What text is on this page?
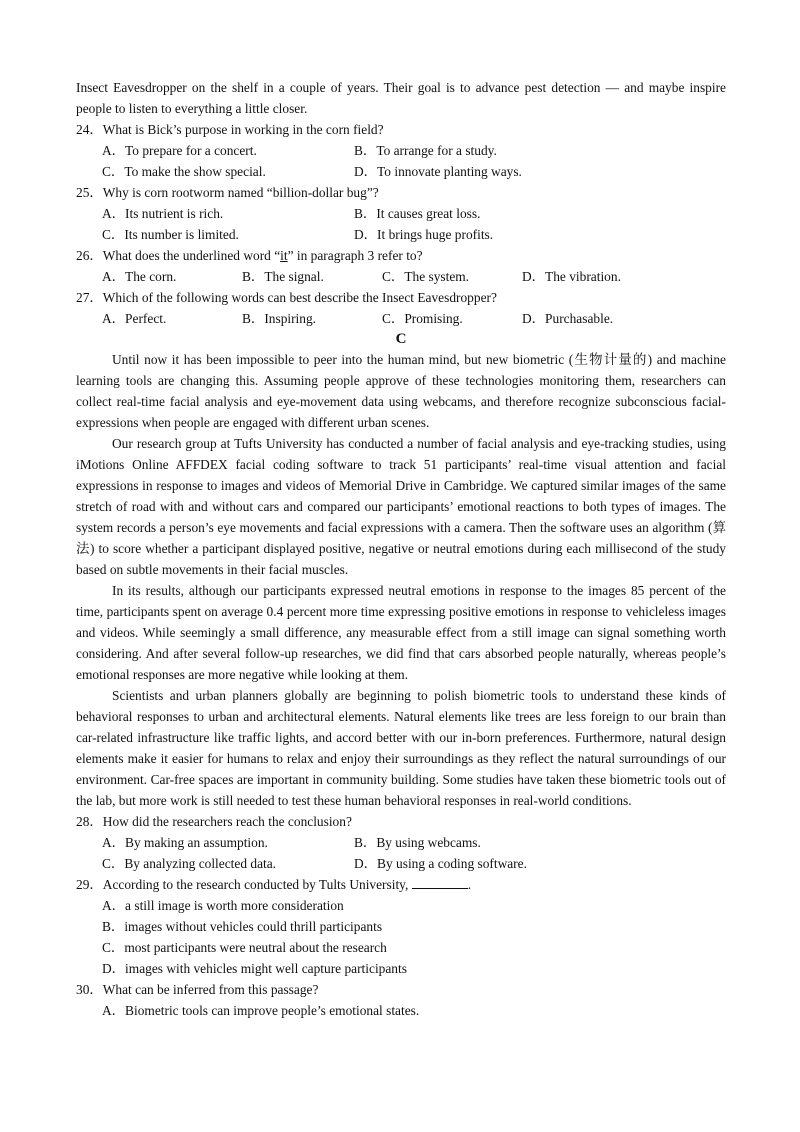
Insect Eavesdropper on the shelf in a couple of years. Their goal is to advance pest detection — and maybe inspire
people to listen to everything a little closer.
24．What is Bick’s purpose in working in the corn field?
A．To prepare for a concert.	B．To arrange for a study.
C．To make the show special.	D．To innovate planting ways.
25．Why is corn rootworm named “billion-dollar bug”?
A．Its nutrient is rich.	B．It causes great loss.
C．Its number is limited.	D．It brings huge profits.
26．What does the underlined word “it” in paragraph 3 refer to?
A．The corn.	B．The signal.	C．The system.	D．The vibration.
27．Which of the following words can best describe the Insect Eavesdropper?
A．Perfect.	B．Inspiring.	C．Promising.	D．Purchasable.
C

Until now it has been impossible to peer into the human mind, but new biometric (生物计量的) and machine learning tools are changing this. Assuming people approve of these technologies monitoring them, researchers can collect real-time facial analysis and eye-movement data using webcams, and therefore recognize subconscious facial-expressions when people are engaged with different urban scenes.

Our research group at Tufts University has conducted a number of facial analysis and eye-tracking studies, using iMotions Online AFFDEX facial coding software to track 51 participants’ real-time visual attention and facial expressions in response to images and videos of Memorial Drive in Cambridge. We captured similar images of the same stretch of road with and without cars and compared our participants’ emotional reactions to both types of images. The system records a person’s eye movements and facial expressions with a camera. Then the software uses an algorithm (算法) to score whether a participant displayed positive, negative or neutral emotions during each millisecond of the study based on subtle movements in their facial muscles.

In its results, although our participants expressed neutral emotions in response to the images 85 percent of the time, participants spent on average 0.4 percent more time expressing positive emotions in response to vehicleless images and videos. While seemingly a small difference, any measurable effect from a still image can signal something worth considering. And after several follow-up researches, we did find that cars absorbed people naturally, whereas people’s emotional responses are more negative while looking at them.

Scientists and urban planners globally are beginning to polish biometric tools to understand these kinds of behavioral responses to urban and architectural elements. Natural elements like trees are less foreign to our brain than car-related infrastructure like traffic lights, and accord better with our in-born preferences. Furthermore, natural design elements make it easier for humans to relax and enjoy their surroundings as they reflect the natural surroundings of our environment. Car-free spaces are important in community building. Some studies have taken these biometric tools out of the lab, but more work is still needed to test these human behavioral responses in real-world conditions.

28．How did the researchers reach the conclusion?
A．By making an assumption.	B．By using webcams.
C．By analyzing collected data.	D．By using a coding software.
29．According to the research conducted by Tults University,	.
A．a still image is worth more consideration
B．images without vehicles could thrill participants
C．most participants were neutral about the research
D．images with vehicles might well capture participants
30．What can be inferred from this passage?
A．Biometric tools can improve people’s emotional states.
